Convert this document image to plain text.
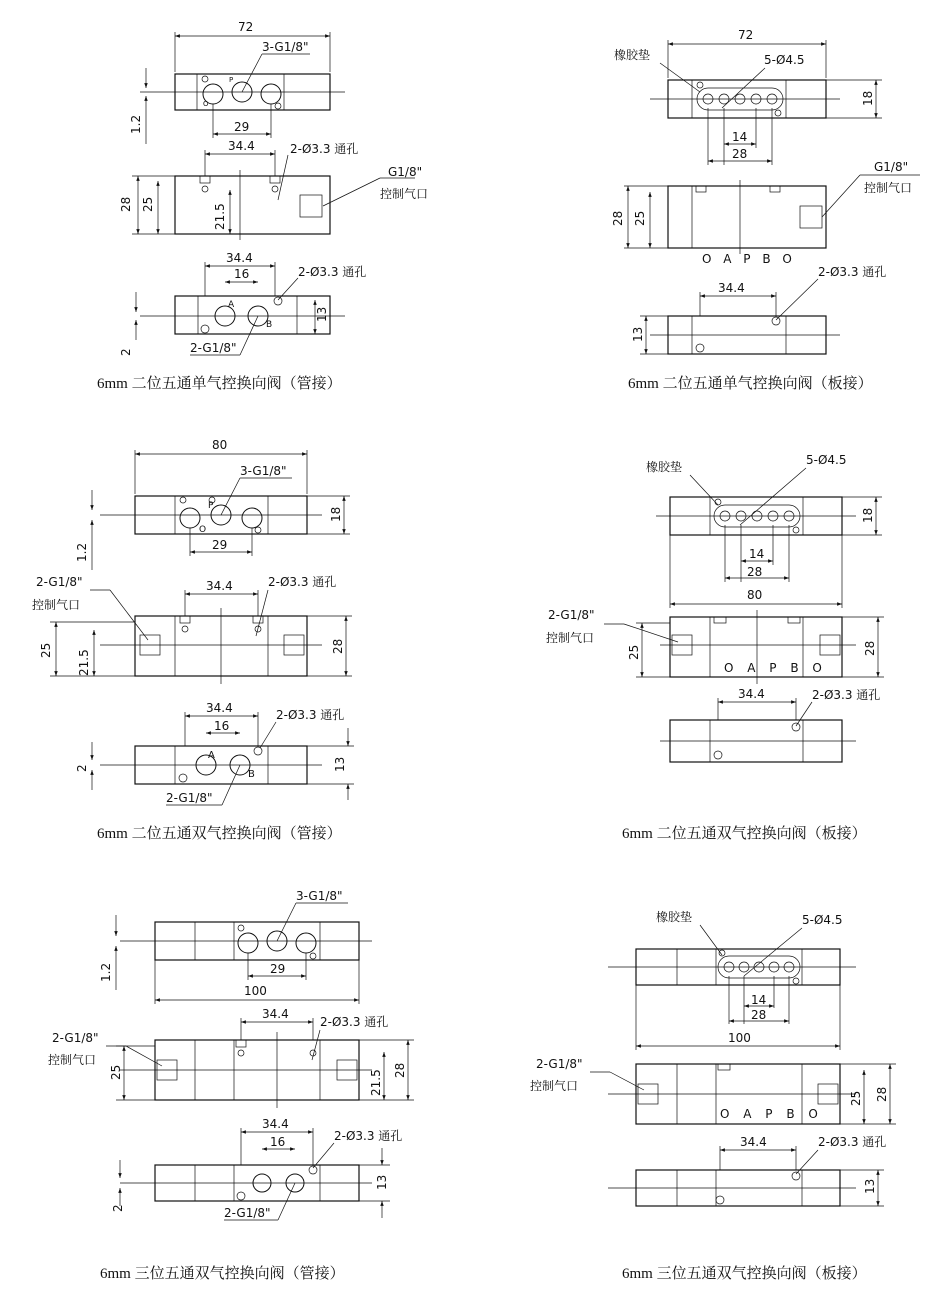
72
P
O
3-G1/8"
29
1.2
34.4	2-Ø3.3 通孔
G1/8"
控制气口
28 25	21.5
34.4
16	2-Ø3.3 通孔
A
B
2-G1/8"
13
2
6mm 二位五通单气控换向阀（管接）
72
橡胶垫	5-Ø4.5
18
14
28
G1/8"
控制气口
O A P B O
28 25
34.4
2-Ø3.3 通孔
13
6mm 二位五通单气控换向阀（板接）
80
P
O
3-G1/8"
29
18
1.2
34.4	2-Ø3.3 通孔
2-G1/8"
控制气口
25 21.5
28
34.4
16
2-Ø3.3 通孔
A
B
2-G1/8"
13
2
6mm 二位五通双气控换向阀（管接）
橡胶垫	5-Ø4.5
18
14
28
80
2-G1/8"
控制气口
25	28
O A P B O
34.4	2-Ø3.3 通孔
6mm 二位五通双气控换向阀（板接）
3-G1/8"
29
100
1.2
34.4
2-Ø3.3 通孔
2-G1/8"
控制气口
25	21.5 28
34.4
16	2-Ø3.3 通孔
2-G1/8"
13
2
6mm 三位五通双气控换向阀（管接）
橡胶垫	5-Ø4.5
14
28
100
2-G1/8"
控制气口
O A P B O
25 28
34.4	2-Ø3.3 通孔
13
6mm 三位五通双气控换向阀（板接）
